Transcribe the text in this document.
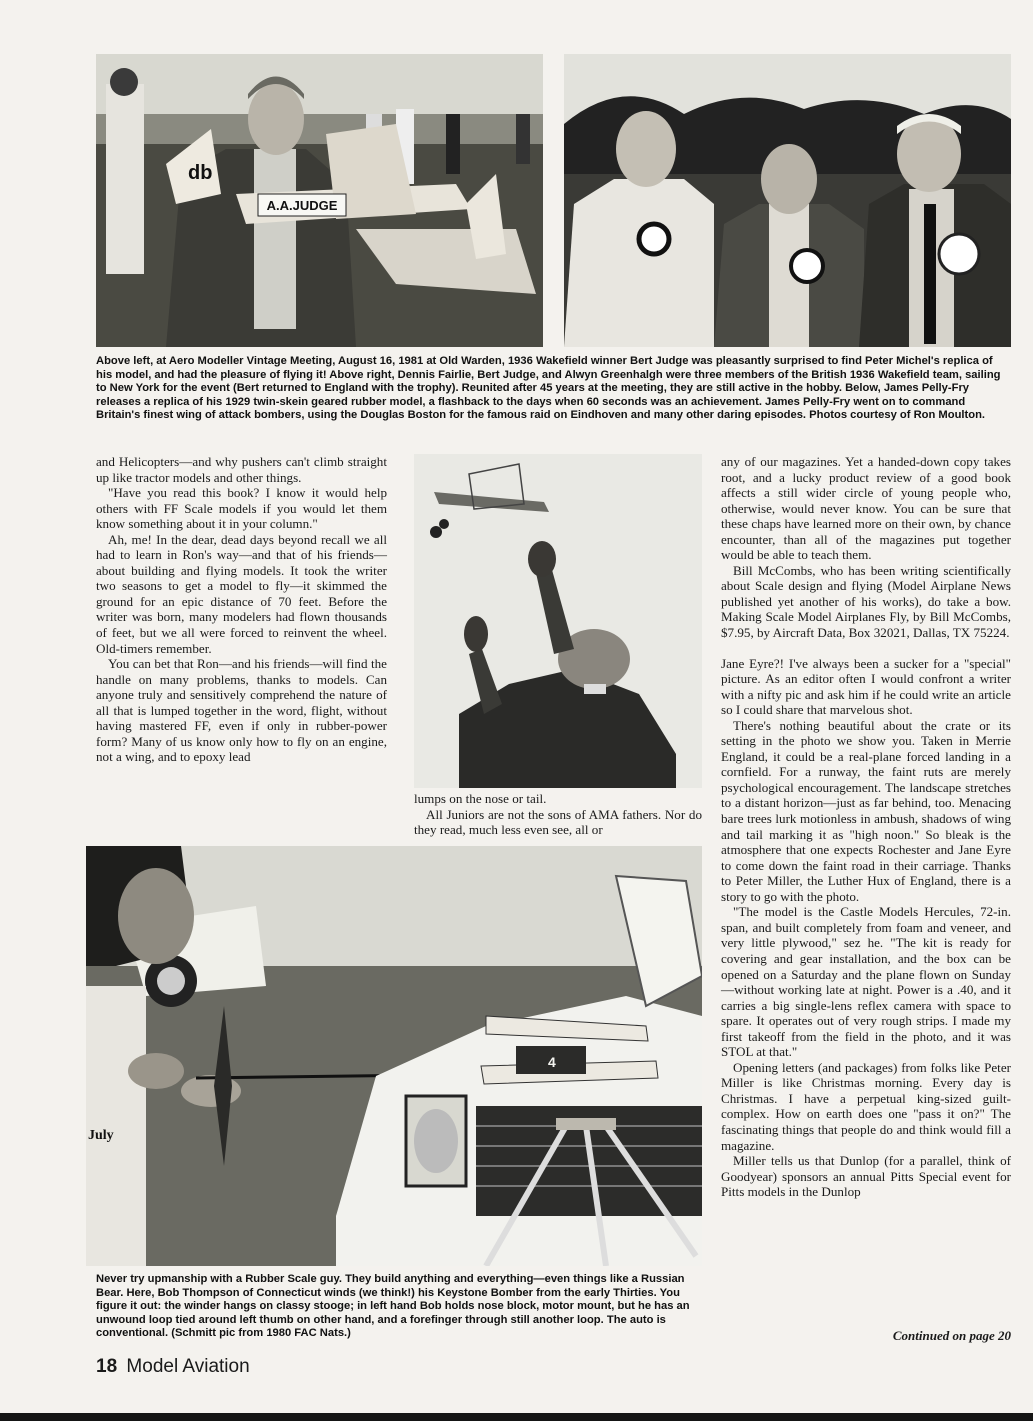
A.A.JUDGE
db
Above left, at Aero Modeller Vintage Meeting, August 16, 1981 at Old Warden, 1936 Wakefield winner Bert Judge was pleasantly surprised to find Peter Michel's replica of his model, and had the pleasure of flying it! Above right, Dennis Fairlie, Bert Judge, and Alwyn Greenhalgh were three members of the British 1936 Wakefield team, sailing to New York for the event (Bert returned to England with the trophy). Reunited after 45 years at the meeting, they are still active in the hobby. Below, James Pelly-Fry releases a replica of his 1929 twin-skein geared rubber model, a flashback to the days when 60 seconds was an achievement. James Pelly-Fry went on to command Britain's finest wing of attack bombers, using the Douglas Boston for the famous raid on Eindhoven and many other daring episodes. Photos courtesy of Ron Moulton.

and Helicopters—and why pushers can't climb straight up like tractor models and other things.

"Have you read this book? I know it would help others with FF Scale models if you would let them know something about it in your column."

Ah, me! In the dear, dead days beyond recall we all had to learn in Ron's way—and that of his friends—about building and flying models. It took the writer two seasons to get a model to fly—it skimmed the ground for an epic distance of 70 feet. Before the writer was born, many modelers had flown thousands of feet, but we all were forced to reinvent the wheel. Old-timers remember.

You can bet that Ron—and his friends—will find the handle on many problems, thanks to models. Can anyone truly and sensitively comprehend the nature of all that is lumped together in the word, flight, without having mastered FF, even if only in rubber-power form? Many of us know only how to fly on an engine, not a wing, and to epoxy lead

lumps on the nose or tail.

All Juniors are not the sons of AMA fathers. Nor do they read, much less even see, all or

any of our magazines. Yet a handed-down copy takes root, and a lucky product review of a good book affects a still wider circle of young people who, otherwise, would never know. You can be sure that these chaps have learned more on their own, by chance encounter, than all of the magazines put together would be able to teach them.

Bill McCombs, who has been writing scientifically about Scale design and flying (Model Airplane News published yet another of his works), do take a bow. Making Scale Model Airplanes Fly, by Bill McCombs, $7.95, by Aircraft Data, Box 32021, Dallas, TX 75224.

Jane Eyre?! I've always been a sucker for a "special" picture. As an editor often I would confront a writer with a nifty pic and ask him if he could write an article so I could share that marvelous shot.

There's nothing beautiful about the crate or its setting in the photo we show you. Taken in Merrie England, it could be a real-plane forced landing in a cornfield. For a runway, the faint ruts are merely psychological encouragement. The landscape stretches to a distant horizon—just as far behind, too. Menacing bare trees lurk motionless in ambush, shadows of wing and tail marking it as "high noon." So bleak is the atmosphere that one expects Rochester and Jane Eyre to come down the faint road in their carriage. Thanks to Peter Miller, the Luther Hux of England, there is a story to go with the photo.

"The model is the Castle Models Hercules, 72-in. span, and built completely from foam and veneer, and very little plywood," sez he. "The kit is ready for covering and gear installation, and the box can be opened on a Saturday and the plane flown on Sunday—without working late at night. Power is a .40, and it carries a big single-lens reflex camera with space to spare. It operates out of very rough strips. I made my first takeoff from the field in the photo, and it was STOL at that."

Opening letters (and packages) from folks like Peter Miller is like Christmas morning. Every day is Christmas. I have a perpetual king-sized guilt-complex. How on earth does one "pass it on?" The fascinating things that people do and think would fill a magazine.

Miller tells us that Dunlop (for a parallel, think of Goodyear) sponsors an annual Pitts Special event for Pitts models in the Dunlop

July
4
Never try upmanship with a Rubber Scale guy. They build anything and everything—even things like a Russian Bear. Here, Bob Thompson of Connecticut winds (we think!) his Keystone Bomber from the early Thirties. You figure it out: the winder hangs on classy stooge; in left hand Bob holds nose block, motor mount, but he has an unwound loop tied around left thumb on other hand, and a forefinger through still another loop. The auto is conventional. (Schmitt pic from 1980 FAC Nats.)	Continued on page 20
18 Model Aviation
